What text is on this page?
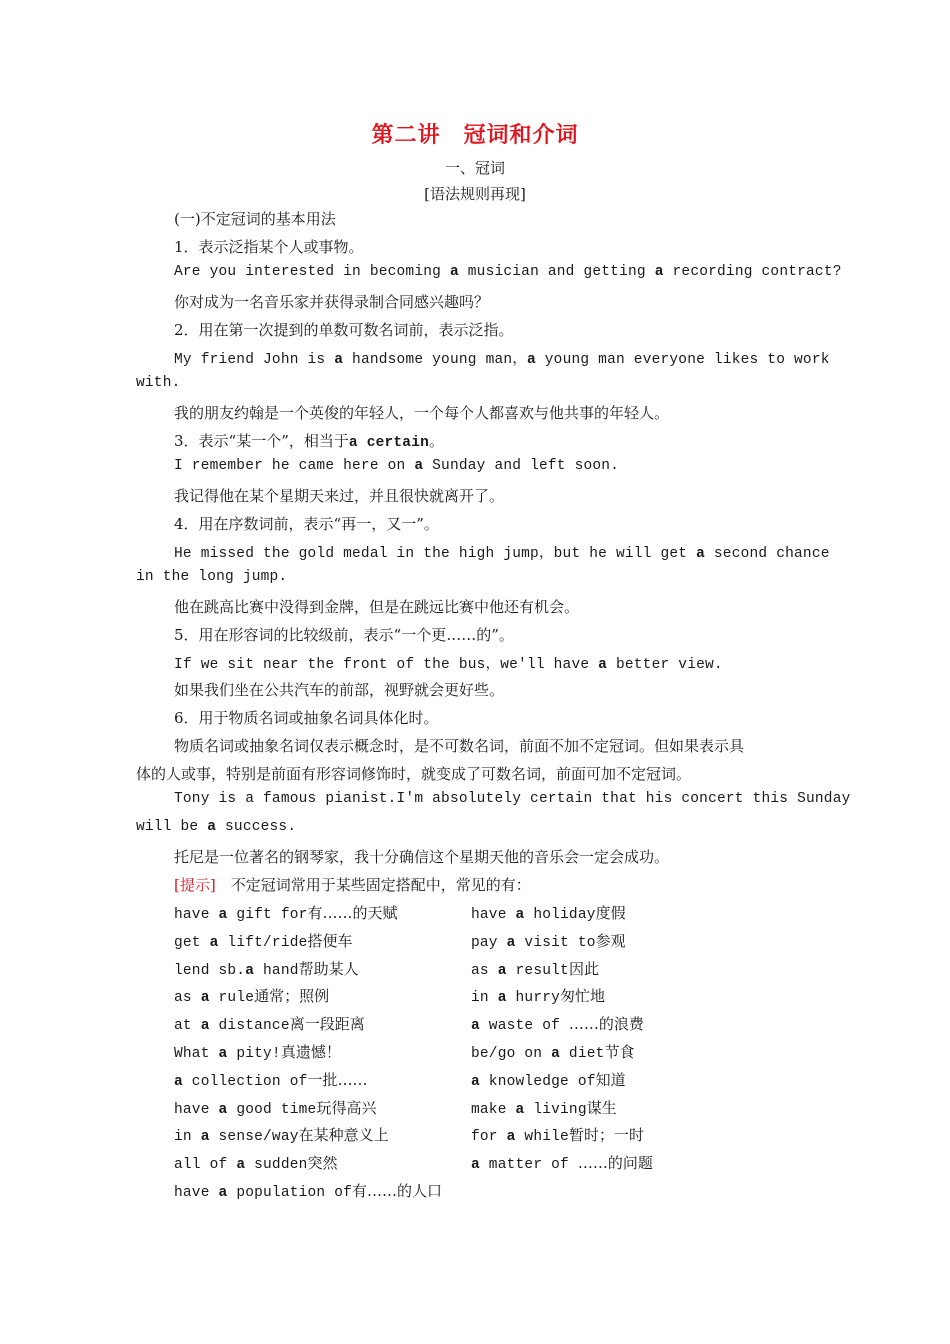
第二讲　冠词和介词
一、冠词
[语法规则再现]
(一)不定冠词的基本用法
1．表示泛指某个人或事物。
Are you interested in becoming a musician and getting a recording contract?
你对成为一名音乐家并获得录制合同感兴趣吗？
2．用在第一次提到的单数可数名词前，表示泛指。
My friend John is a handsome young man，a young man everyone likes to work
with.
我的朋友约翰是一个英俊的年轻人，一个每个人都喜欢与他共事的年轻人。
3．表示“某一个”，相当于a certain。
I remember he came here on a Sunday and left soon.
我记得他在某个星期天来过，并且很快就离开了。
4．用在序数词前，表示“再一，又一”。
He missed the gold medal in the high jump，but he will get a second chance
in the long jump.
他在跳高比赛中没得到金牌，但是在跳远比赛中他还有机会。
5．用在形容词的比较级前，表示“一个更……的”。
If we sit near the front of the bus，we'll have a better view.
如果我们坐在公共汽车的前部，视野就会更好些。
6．用于物质名词或抽象名词具体化时。
物质名词或抽象名词仅表示概念时，是不可数名词，前面不加不定冠词。但如果表示具
体的人或事，特别是前面有形容词修饰时，就变成了可数名词，前面可加不定冠词。
Tony is a famous pianist.I'm absolutely certain that his concert this Sunday
will be a success.
托尼是一位著名的钢琴家，我十分确信这个星期天他的音乐会一定会成功。
[提示]　不定冠词常用于某些固定搭配中，常见的有：
have a gift for有……的天赋	have a holiday度假
get a lift/ride搭便车	pay a visit to参观
lend sb.a hand帮助某人	as a result因此
as a rule通常；照例	in a hurry匆忙地
at a distance离一段距离	a waste of ……的浪费
What a pity!真遗憾！	be/go on a diet节食
a collection of一批……	a knowledge of知道
have a good time玩得高兴	make a living谋生
in a sense/way在某种意义上	for a while暂时；一时
all of a sudden突然	a matter of ……的问题
have a population of有……的人口
